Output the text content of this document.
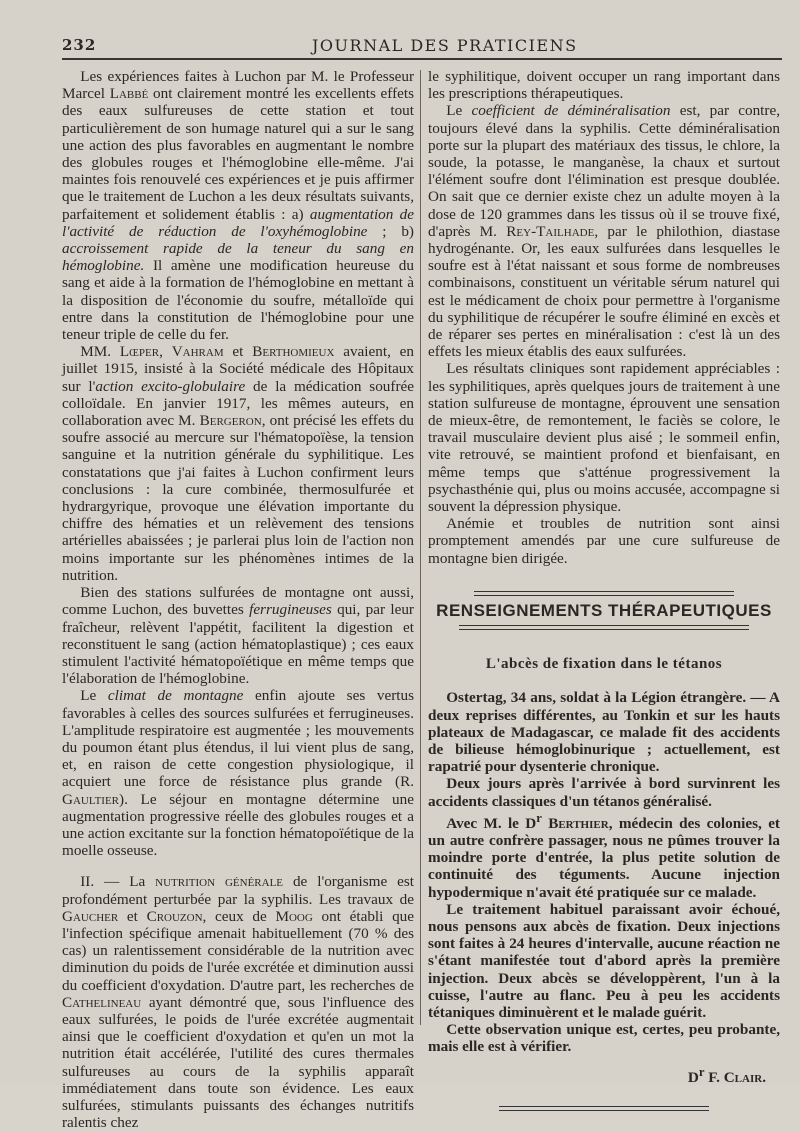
232	JOURNAL DES PRATICIENS

Les expériences faites à Luchon par M. le Professeur Marcel Labbé ont clairement montré les excellents effets des eaux sulfureuses de cette station et tout particulièrement de son humage naturel qui a sur le sang une action des plus favorables en augmentant le nombre des globules rouges et l'hémoglobine elle-même. J'ai maintes fois renouvelé ces expériences et je puis affirmer que le traitement de Luchon a les deux résultats suivants, parfaitement et solidement établis : a) augmentation de l'activité de réduction de l'oxyhémoglobine ; b) accroissement rapide de la teneur du sang en hémoglobine. Il amène une modification heureuse du sang et aide à la formation de l'hémoglobine en mettant à la disposition de l'économie du soufre, métalloïde qui entre dans la constitution de l'hémoglobine pour une teneur triple de celle du fer.

MM. Lœper, Vahram et Berthomieux avaient, en juillet 1915, insisté à la Société médicale des Hôpitaux sur l'action excito-globulaire de la médication soufrée colloïdale. En janvier 1917, les mêmes auteurs, en collaboration avec M. Bergeron, ont précisé les effets du soufre associé au mercure sur l'hématopoïèse, la tension sanguine et la nutrition générale du syphilitique. Les constatations que j'ai faites à Luchon confirment leurs conclusions : la cure combinée, thermosulfurée et hydrargyrique, provoque une élévation importante du chiffre des hématies et un relèvement des tensions artérielles abaissées ; je parlerai plus loin de l'action non moins importante sur les phénomènes intimes de la nutrition.

Bien des stations sulfurées de montagne ont aussi, comme Luchon, des buvettes ferrugineuses qui, par leur fraîcheur, relèvent l'appétit, facilitent la digestion et reconstituent le sang (action hématoplastique) ; ces eaux stimulent l'activité hématopoïétique en même temps que l'élaboration de l'hémoglobine.

Le climat de montagne enfin ajoute ses vertus favorables à celles des sources sulfurées et ferrugineuses. L'amplitude respiratoire est augmentée ; les mouvements du poumon étant plus étendus, il lui vient plus de sang, et, en raison de cette congestion physiologique, il acquiert une force de résistance plus grande (R. Gaultier). Le séjour en montagne détermine une augmentation progressive réelle des globules rouges et a une action excitante sur la fonction hématopoïétique de la moelle osseuse.

II. — La nutrition générale de l'organisme est profondément perturbée par la syphilis. Les travaux de Gaucher et Crouzon, ceux de Moog ont établi que l'infection spécifique amenait habituellement (70 % des cas) un ralentissement considérable de la nutrition avec diminution du poids de l'urée excrétée et diminution aussi du coefficient d'oxydation. D'autre part, les recherches de Cathelineau ayant démontré que, sous l'influence des eaux sulfurées, le poids de l'urée excrétée augmentait ainsi que le coefficient d'oxydation et qu'en un mot la nutrition était accélérée, l'utilité des cures thermales sulfureuses au cours de la syphilis apparaît immédiatement dans toute son évidence. Les eaux sulfurées, stimulants puissants des échanges nutritifs ralentis chez

le syphilitique, doivent occuper un rang important dans les prescriptions thérapeutiques.

Le coefficient de déminéralisation est, par contre, toujours élevé dans la syphilis. Cette déminéralisation porte sur la plupart des matériaux des tissus, le chlore, la soude, la potasse, le manganèse, la chaux et surtout l'élément soufre dont l'élimination est presque doublée. On sait que ce dernier existe chez un adulte moyen à la dose de 120 grammes dans les tissus où il se trouve fixé, d'après M. Rey-Tailhade, par le philothion, diastase hydrogénante. Or, les eaux sulfurées dans lesquelles le soufre est à l'état naissant et sous forme de nombreuses combinaisons, constituent un véritable sérum naturel qui est le médicament de choix pour permettre à l'organisme du syphilitique de récupérer le soufre éliminé en excès et de réparer ses pertes en minéralisation : c'est là un des effets les mieux établis des eaux sulfurées.

Les résultats cliniques sont rapidement appréciables : les syphilitiques, après quelques jours de traitement à une station sulfureuse de montagne, éprouvent une sensation de mieux-être, de remontement, le faciès se colore, le travail musculaire devient plus aisé ; le sommeil enfin, vite retrouvé, se maintient profond et bienfaisant, en même temps que s'atténue progressivement la psychasthénie qui, plus ou moins accusée, accompagne si souvent la dépression physique.

Anémie et troubles de nutrition sont ainsi promptement amendés par une cure sulfureuse de montagne bien dirigée.

RENSEIGNEMENTS THÉRAPEUTIQUES
L'abcès de fixation dans le tétanos

Ostertag, 34 ans, soldat à la Légion étrangère. — A deux reprises différentes, au Tonkin et sur les hauts plateaux de Madagascar, ce malade fit des accidents de bilieuse hémoglobinurique ; actuellement, est rapatrié pour dysenterie chronique.

Deux jours après l'arrivée à bord survinrent les accidents classiques d'un tétanos généralisé.

Avec M. le $D^r$ Berthier, médecin des colonies, et un autre confrère passager, nous ne pûmes trouver la moindre porte d'entrée, la plus petite solution de continuité des téguments. Aucune injection hypodermique n'avait été pratiquée sur ce malade.

Le traitement habituel paraissant avoir échoué, nous pensons aux abcès de fixation. Deux injections sont faites à 24 heures d'intervalle, aucune réaction ne s'étant manifestée tout d'abord après la première injection. Deux abcès se développèrent, l'un à la cuisse, l'autre au flanc. Peu à peu les accidents tétaniques diminuèrent et le malade guérit.

Cette observation unique est, certes, peu probante, mais elle est à vérifier.

$D^r$ F. Clair.
